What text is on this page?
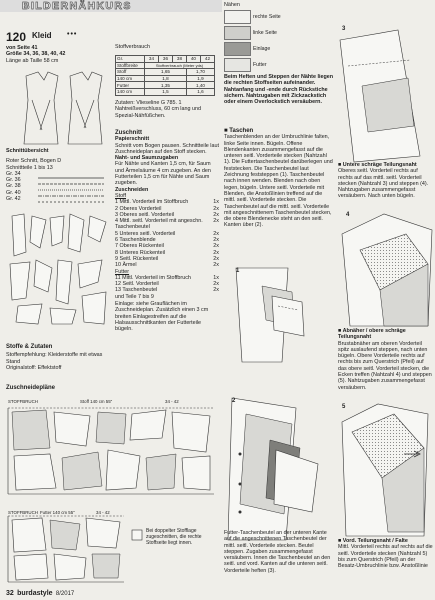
BILDERNÄHKURS
120 Kleid •••

von Seite 41

Größe 34, 36, 38, 40, 42

Länge ab Taille 58 cm

Schnittübersicht

Roter Schnitt, Bogen D

Schnittteile 1 bis 13

Gr. 34

Gr. 36

Gr. 38

Gr. 40

Gr. 42

Stoffe & Zutaten

Stoffempfehlung: Kleiderstoffe mit etwas Stand

Originalstoff: Effektstoff

Zuschneidepläne

STOFFBRUCH	Stoff 140 cm 55"	34 - 42
STOFFBRUCH Futter 140 cm 55"	34 - 42
Bei doppelter Stofflage zugeschnitten, die rechte Stoffseite liegt innen.
Stoffverbrauch
Gr.	34	36	38	40	42
Stoffbreite	Stoffverbrauch (Meter yds)				
Stoff	1,65			1,70	
140 cm	1,8			1,9	
Futter	1,35			1,40	
140 cm	1,5			1,6	
Zutaten: Vlieseline G 785. 1 Nahtreißverschluss, 60 cm lang und Spezial-Nähfüßchen.

Zuschnitt

Papierschnitt

Schnitt vom Bogen pausen. Schnittteile laut Zuschneideplan auf den Stoff stecken.

Naht- und Saumzugaben

Für Nähte und Kanten 1,5 cm, für Saum und Ärmelsäume 4 cm zugeben. An den Futterteilen 1,5 cm für Nähte und Saum zugeben.

Zuschneiden

Stoff

1 Mittl. Vorderteil im Stoffbruch	1x
2 Oberes Vorderteil	2x
3 Oberes seitl. Vorderteil	2x
4 Mittl. seitl. Vorderteil mit angeschn. Taschenbeutel
2x
5 Unteres seitl. Vorderteil	2x
6 Taschenblende	2x
7 Oberes Rückenteil	2x
8 Unteres Rückenteil	2x
9 Seitl. Rückenteil	2x
10 Ärmel	2x

Futter

11 Mittl. Vorderteil im Stoffbruch	1x
12 Seitl. Vorderteil	2x
13 Taschenbeutel	2x
und Teile 7 bis 9

Einlage: siehe Grauflächen im Zuschneideplan. Zusätzlich einen 3 cm breiten Einlagestreifen auf die Halsausschnittkanten der Futterteile bügeln.

Nähen
rechte Seite
linke Seite
Einlage
Futter
Beim Heften und Steppen der Nähte liegen die rechten Stoffseiten aufeinander. Nahtanfang und -ende durch Rückstiche sichern. Nahtzugaben mit Zickzackstich oder einem Overlockstich versäubern.

■ Taschen

Taschenblenden an der Umbruchlinie falten, linke Seite innen. Bügeln. Offene Blendenkanten zusammengefasst auf die unteren seitl. Vorderteile stecken (Nahtzahl 1). Die Futtertaschenbeutel darüberlegen und feststecken. Die Taschenbeutel laut Zeichnung feststeppen (1). Taschenbeutel nach innen wenden. Blenden nach oben legen, bügeln. Untere seitl. Vorderteile mit Blenden, die Anstoßlinien treffend auf die mittl. seitl. Vorderteile stecken. Die Taschenbeutel auf die mittl. seitl. Vorderteile mit angeschnittenem Taschenbeutel stecken, die obere Blendenecke steht an den seitl. Kanten über (2).

1
2
Futter-Taschenbeutel an der unteren Kante auf die angeschnittenen Taschenbeutel der mittl. seitl. Vorderteile stecken. Beutel steppen. Zugaben zusammengefasst versäubern. Innen die Taschenbeutel an den seitl. und vord. Kanten auf die unteren seitl. Vorderteile heften (3).
3

■ Untere schräge Teilungsnaht

Oberes seitl. Vorderteil rechts auf rechts auf das mittl. seitl. Vorderteil stecken (Nahtzahl 3) und steppen (4). Nahtzugaben zusammengefasst versäubern. Nach unten bügeln.

4

■ Abnäher / obere schräge Teilungsnaht

Brustabnäher am oberen Vorderteil spitz auslaufend steppen, nach unten bügeln. Obere Vorderteile rechts auf rechts bis zum Querstrich (Pfeil) auf das obere seitl. Vorderteil stecken, die Ecken treffen (Nahtzahl 4) und steppen (5). Nahtzugaben zusammengefasst versäubern.

5

■ Vord. Teilungsnaht / Falte

Mittl. Vorderteil rechts auf rechts auf die seitl. Vorderteile stecken (Nahtzahl 5) bis zum Querstrich (Pfeil) an der Besatz-Umbruchlinie bzw. Anstoßlinie

32 burdastyle 8/2017
